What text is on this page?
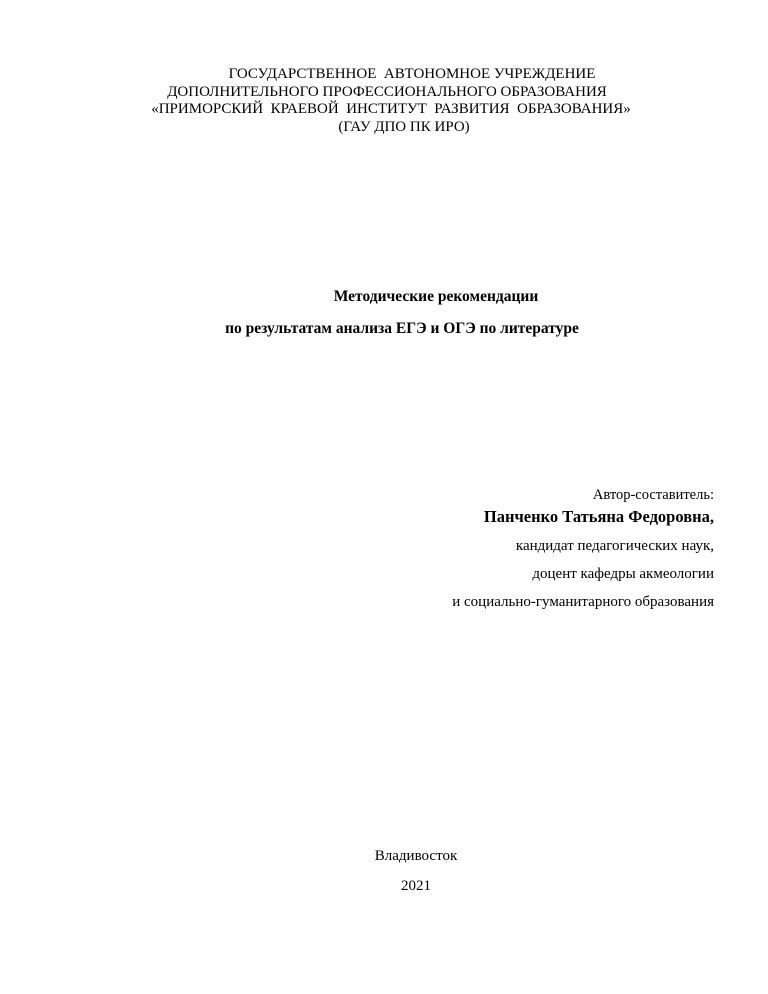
ГОСУДАРСТВЕННОЕ  АВТОНОМНОЕ УЧРЕЖДЕНИЕ
ДОПОЛНИТЕЛЬНОГО ПРОФЕССИОНАЛЬНОГО ОБРАЗОВАНИЯ
«ПРИМОРСКИЙ  КРАЕВОЙ  ИНСТИТУТ  РАЗВИТИЯ  ОБРАЗОВАНИЯ»
(ГАУ ДПО ПК ИРО)
Методические рекомендации
по результатам анализа ЕГЭ и ОГЭ по литературе
Автор-составитель:
Панченко Татьяна Федоровна,
кандидат педагогических наук,
доцент кафедры акмеологии
и социально-гуманитарного образования
Владивосток
2021
